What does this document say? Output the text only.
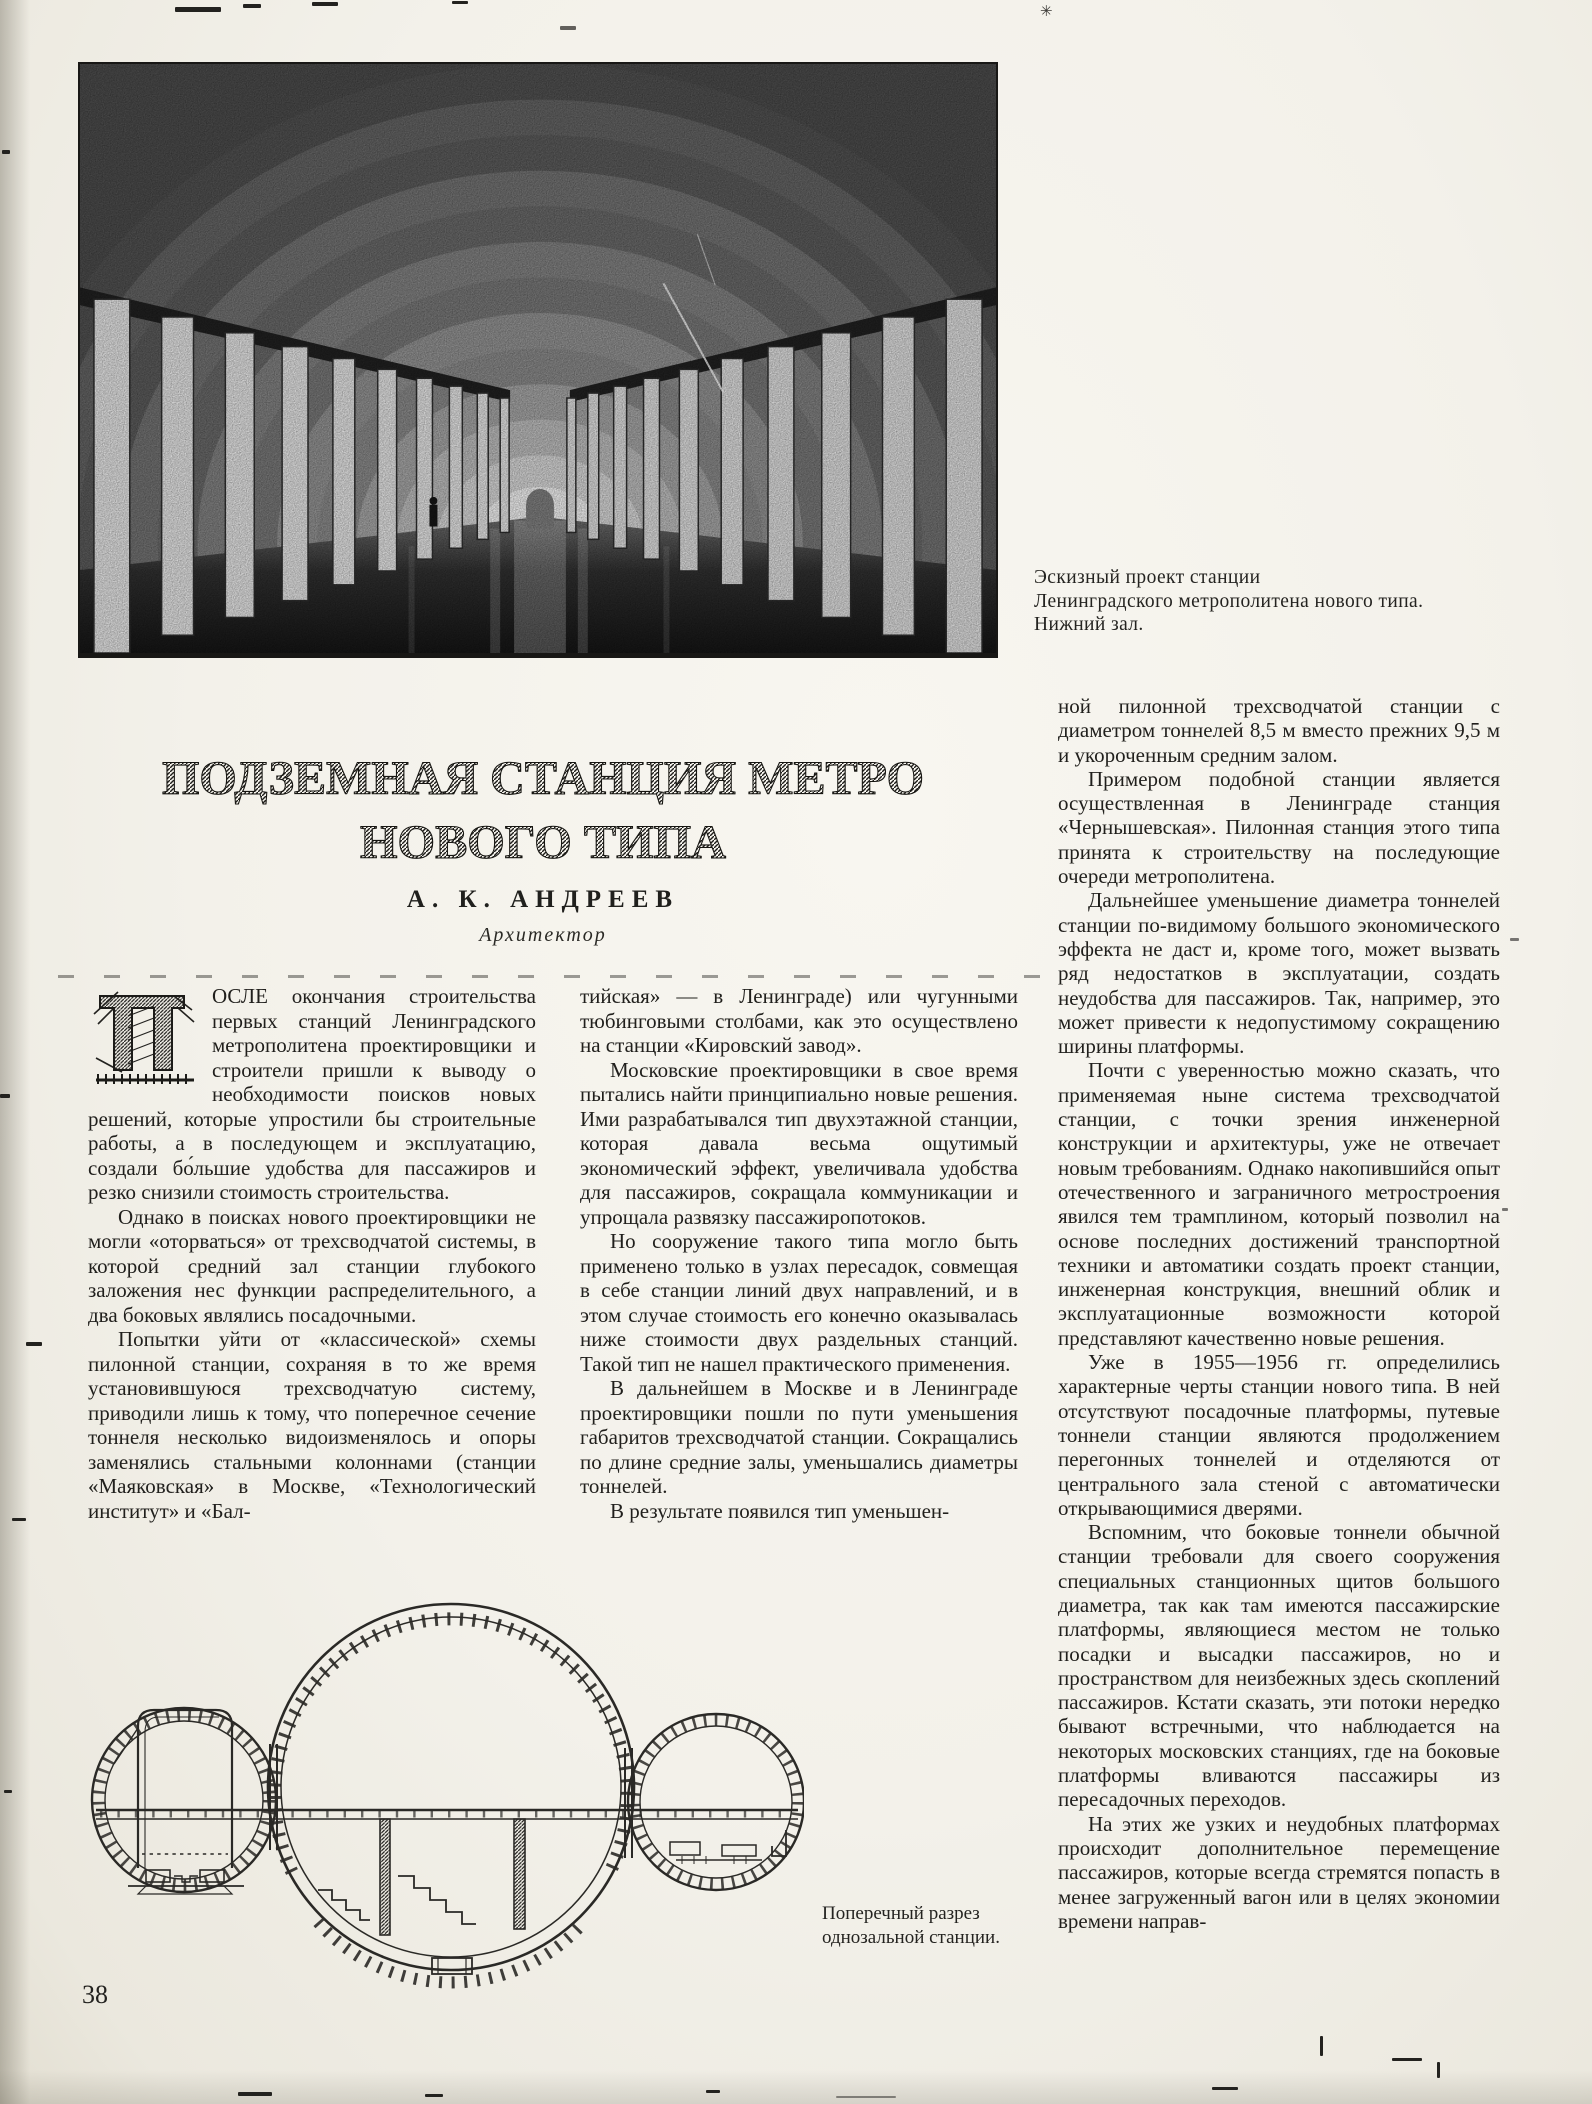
Эскизный проект станции
Ленинградского метрополитена нового типа.
Нижний зал.
ПОДЗЕМНАЯ СТАНЦИЯ МЕТРО
НОВОГО ТИПА
А. К. АНДРЕЕВ
Архитектор

ОСЛЕ окончания строительства первых станций Ленинградского метрополитена проектировщики и строители пришли к выводу о необходимости поисков новых решений, которые упростили бы строительные работы, а в последующем и эксплуатацию, создали бо́льшие удобства для пассажиров и резко снизили стоимость строительства.

Однако в поисках нового проектировщики не могли «оторваться» от трехсводчатой системы, в которой средний зал станции глубокого заложения нес функции распределительного, а два боковых являлись посадочными.

Попытки уйти от «классической» схемы пилонной станции, сохраняя в то же время установившуюся трехсводчатую систему, приводили лишь к тому, что поперечное сечение тоннеля несколько видоизменялось и опоры заменялись стальными колоннами (станции «Маяковская» в Москве, «Технологический институт» и «Бал-

тийская» — в Ленинграде) или чугунными тюбинговыми столбами, как это осуществлено на станции «Кировский завод».

Московские проектировщики в свое время пытались найти принципиально новые решения. Ими разрабатывался тип двухэтажной станции, которая давала весьма ощутимый экономический эффект, увеличивала удобства для пассажиров, сокращала коммуникации и упрощала развязку пассажиропотоков.

Но сооружение такого типа могло быть применено только в узлах пересадок, совмещая в себе станции линий двух направлений, и в этом случае стоимость его конечно оказывалась ниже стоимости двух раздельных станций. Такой тип не нашел практического применения.

В дальнейшем в Москве и в Ленинграде проектировщики пошли по пути уменьшения габаритов трехсводчатой станции. Сокращались по длине средние залы, уменьшались диаметры тоннелей.

В результате появился тип уменьшен-

ной пилонной трехсводчатой станции с диаметром тоннелей 8,5 м вместо прежних 9,5 м и укороченным средним залом.

Примером подобной станции является осуществленная в Ленинграде станция «Чернышевская». Пилонная станция этого типа принята к строительству на последующие очереди метрополитена.

Дальнейшее уменьшение диаметра тоннелей станции по-видимому большого экономического эффекта не даст и, кроме того, может вызвать ряд недостатков в эксплуатации, создать неудобства для пассажиров. Так, например, это может привести к недопустимому сокращению ширины платформы.

Почти с уверенностью можно сказать, что применяемая ныне система трехсводчатой станции, с точки зрения инженерной конструкции и архитектуры, уже не отвечает новым требованиям. Однако накопившийся опыт отечественного и заграничного метростроения явился тем трамплином, который позволил на основе последних достижений транспортной техники и автоматики создать проект станции, инженерная конструкция, внешний облик и эксплуатационные возможности которой представляют качественно новые решения.

Уже в 1955—1956 гг. определились характерные черты станции нового типа. В ней отсутствуют посадочные платформы, путевые тоннели станции являются продолжением перегонных тоннелей и отделяются от центрального зала стеной с автоматически открывающимися дверями.

Вспомним, что боковые тоннели обычной станции требовали для своего сооружения специальных станционных щитов большого диаметра, так как там имеются пассажирские платформы, являющиеся местом не только посадки и высадки пассажиров, но и пространством для неизбежных здесь скоплений пассажиров. Кстати сказать, эти потоки нередко бывают встречными, что наблюдается на некоторых московских станциях, где на боковые платформы вливаются пассажиры из пересадочных переходов.

На этих же узких и неудобных платформах происходит дополнительное перемещение пассажиров, которые всегда стремятся попасть в менее загруженный вагон или в целях экономии времени направ-

Поперечный разрез
однозальной станции.
38
✳
